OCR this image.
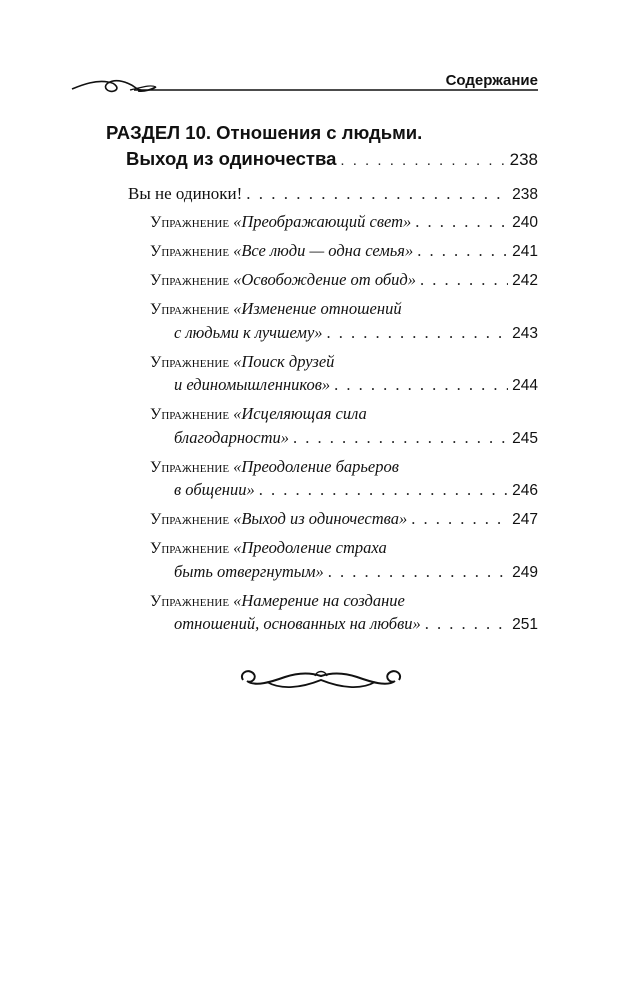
Содержание
РАЗДЕЛ 10. Отношения с людьми.
Выход из одиночества . . .	238
Вы не одиноки! . . .	238
Упражнение «Преображающий свет» . . .	240
Упражнение «Все люди — одна семья» . . .	241
Упражнение «Освобождение от обид» . . .	242
Упражнение «Изменение отношений
с людьми к лучшему» . . .	243
Упражнение «Поиск друзей
и единомышленников» . . .	244
Упражнение «Исцеляющая сила
благодарности» . . .	245
Упражнение «Преодоление барьеров
в общении» . . .	246
Упражнение «Выход из одиночества» . . .	247
Упражнение «Преодоление страха
быть отвергнутым» . . .	249
Упражнение «Намерение на создание
отношений, основанных на любви» . . .	251
